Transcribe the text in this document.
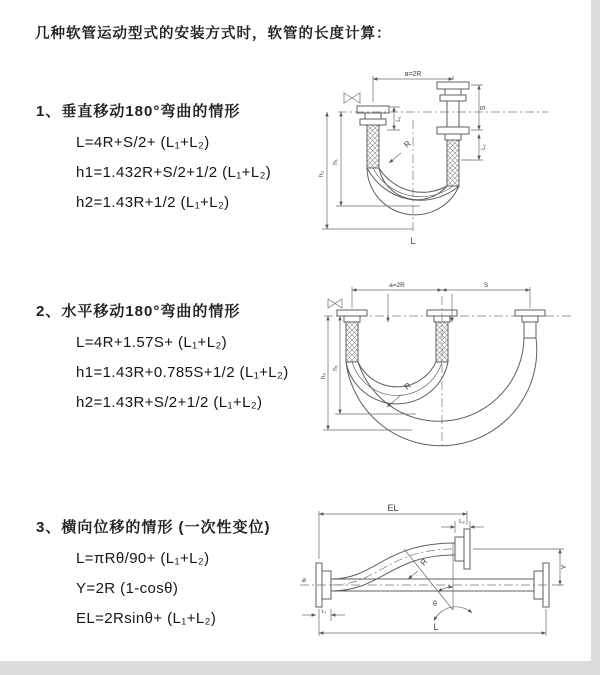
几种软管运动型式的安装方式时，软管的长度计算：
1、垂直移动180°弯曲的情形
L=4R+S/2+ (L₁+L₂)
h1=1.432R+S/2+1/2 (L₁+L₂)
h2=1.43R+1/2 (L₁+L₂)
2、水平移动180°弯曲的情形
L=4R+1.57S+ (L₁+L₂)
h1=1.43R+0.785S+1/2 (L₁+L₂)
h2=1.43R+S/2+1/2 (L₁+L₂)
3、横向位移的情形 (一次性变位)
L=πRθ/90+ (L₁+L₂)
Y=2R (1-cosθ)
EL=2Rsinθ+ (L₁+L₂)
a=2R
h₁
h₂
L₁
S
L₂
R
L
a=2R	S
h₂
h₁
R
ø
EL
L₂
Y
θ
R
L
L₁
